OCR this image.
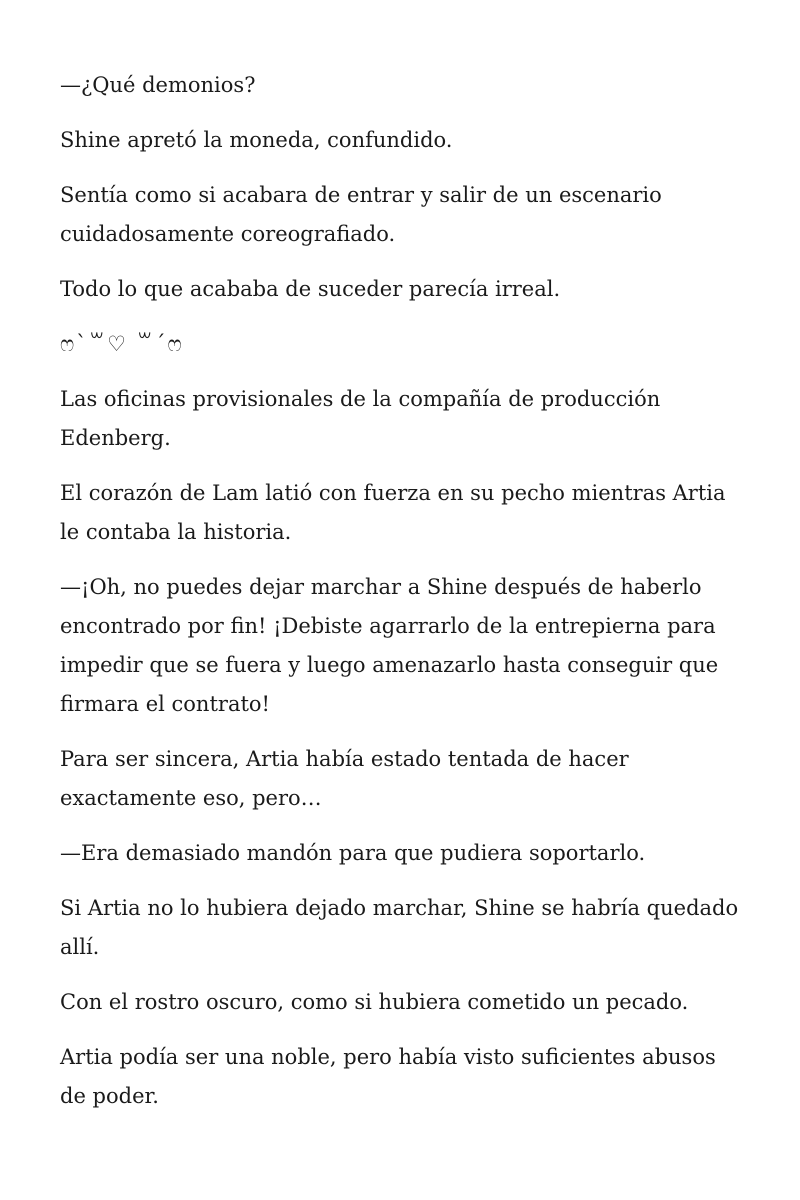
—¿Qué demonios?

Shine apretó la moneda, confundido.

Sentía como si acabara de entrar y salir de un escenario cuidadosamente coreografiado.

Todo lo que acababa de suceder parecía irreal.

ෆ`꒳♡ ꒳´ෆ

Las oficinas provisionales de la compañía de producción Edenberg.

El corazón de Lam latió con fuerza en su pecho mientras Artia le contaba la historia.

—¡Oh, no puedes dejar marchar a Shine después de haberlo encontrado por fin! ¡Debiste agarrarlo de la entrepierna para impedir que se fuera y luego amenazarlo hasta conseguir que firmara el contrato!

Para ser sincera, Artia había estado tentada de hacer exactamente eso, pero…

—Era demasiado mandón para que pudiera soportarlo.

Si Artia no lo hubiera dejado marchar, Shine se habría quedado allí.

Con el rostro oscuro, como si hubiera cometido un pecado.

Artia podía ser una noble, pero había visto suficientes abusos de poder.
